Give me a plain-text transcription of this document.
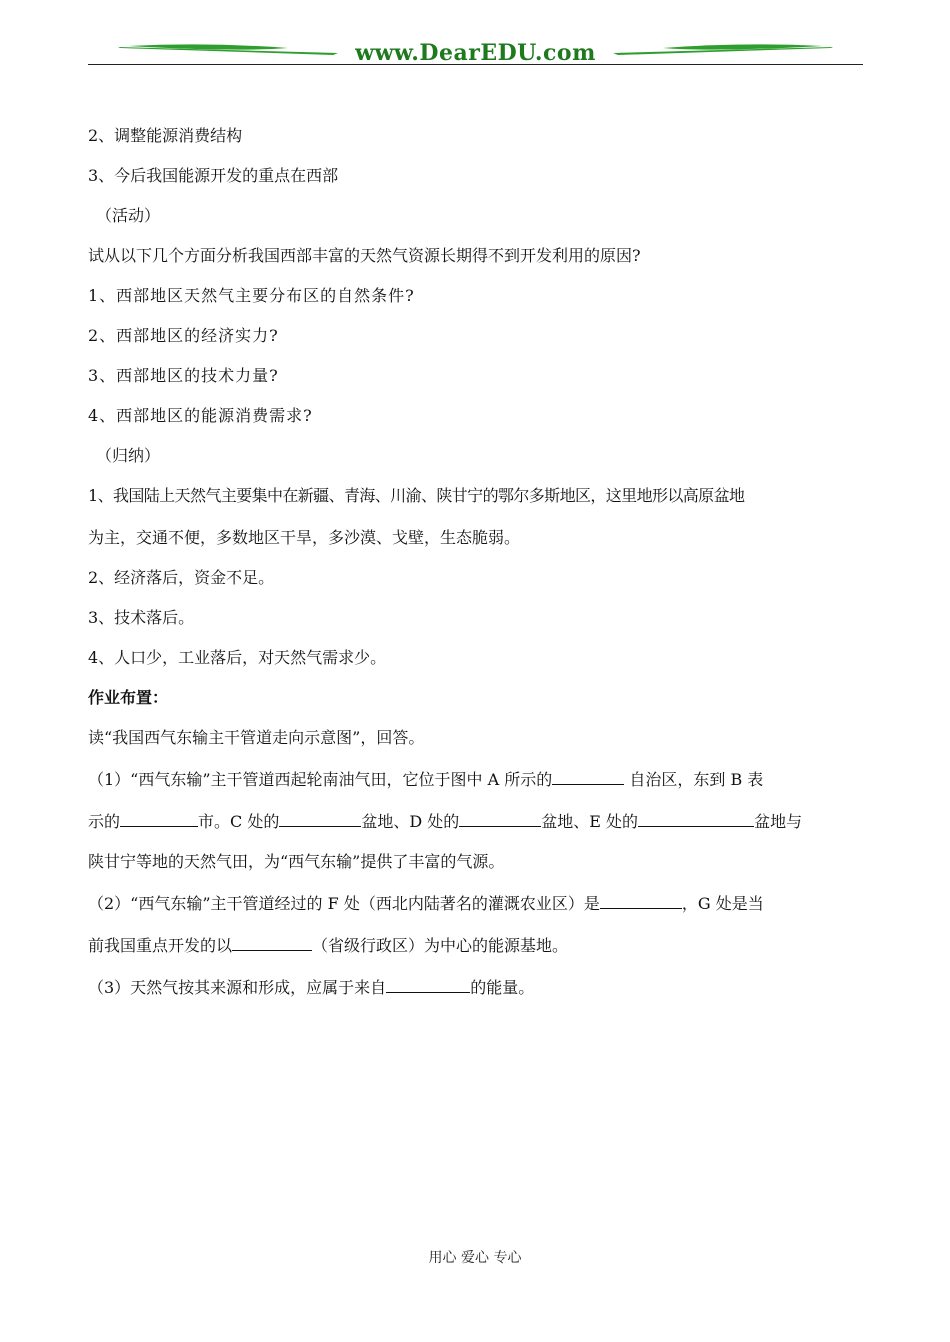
www.DearEDU.com
2、调整能源消费结构
3、今后我国能源开发的重点在西部
（活动）
试从以下几个方面分析我国西部丰富的天然气资源长期得不到开发利用的原因?
1、西部地区天然气主要分布区的自然条件?
2、西部地区的经济实力?
3、西部地区的技术力量?
4、西部地区的能源消费需求?
（归纳）
1、我国陆上天然气主要集中在新疆、青海、川渝、陕甘宁的鄂尔多斯地区，这里地形以高原盆地
为主，交通不便，多数地区干旱，多沙漠、戈壁，生态脆弱。
2、经济落后，资金不足。
3、技术落后。
4、人口少，工业落后，对天然气需求少。
作业布置：
读“我国西气东输主干管道走向示意图”，回答。
（1）“西气东输”主干管道西起轮南油气田，它位于图中 A 所示的	自治区，东到 B 表
示的	市。C 处的	盆地、D 处的	盆地、E 处的	盆地与
陕甘宁等地的天然气田，为“西气东输”提供了丰富的气源。
（2）“西气东输”主干管道经过的 F 处（西北内陆著名的灌溉农业区）是	，G 处是当
前我国重点开发的以	（省级行政区）为中心的能源基地。
（3）天然气按其来源和形成，应属于来自	的能量。
用心 爱心 专心
